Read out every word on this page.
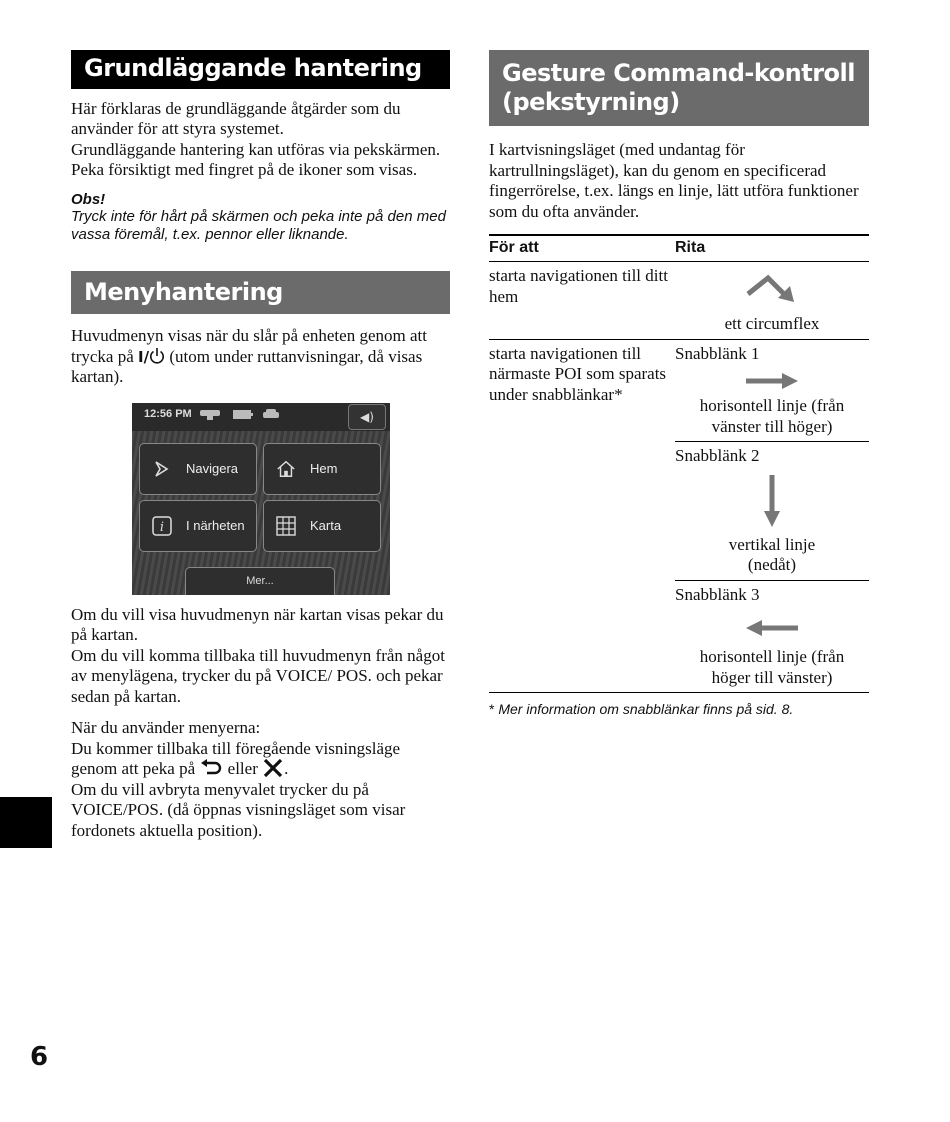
Grundläggande hantering

Här förklaras de grundläggande åtgärder som du använder för att styra systemet.

Grundläggande hantering kan utföras via pekskärmen. Peka försiktigt med fingret på de ikoner som visas.

Obs!
Tryck inte för hårt på skärmen och peka inte på den med vassa föremål, t.ex. pennor eller liknande.
Menyhantering

Huvudmenyn visas när du slår på enheten genom att trycka på I/ (utom under ruttanvisningar, då visas kartan).

12:56 PM	◀)
Navigera	Hem
i I närheten	Karta
Mer...

Om du vill visa huvudmenyn när kartan visas pekar du på kartan.

Om du vill komma tillbaka till huvudmenyn från något av menylägena, trycker du på VOICE/ POS. och pekar sedan på kartan.

När du använder menyerna:

Du kommer tillbaka till föregående visningsläge genom att peka på  eller .

Om du vill avbryta menyvalet trycker du på VOICE/POS. (då öppnas visningsläget som visar fordonets aktuella position).

Gesture Command-kontroll (pekstyrning)

I kartvisningsläget (med undantag för kartrullningsläget), kan du genom en specificerad fingerrörelse, t.ex. längs en linje, lätt utföra funktioner som du ofta använder.

För att	Rita
starta navigationen till ditt hem	ett circumflex

starta navigationen till närmaste POI som sparats under snabblänkar*	Snabblänk 1
horisontell linje (från vänster till höger)

	Snabblänk 2
vertikal linje (nedåt)

	Snabblänk 3
horisontell linje (från höger till vänster)
* Mer information om snabblänkar finns på sid. 8.
6
